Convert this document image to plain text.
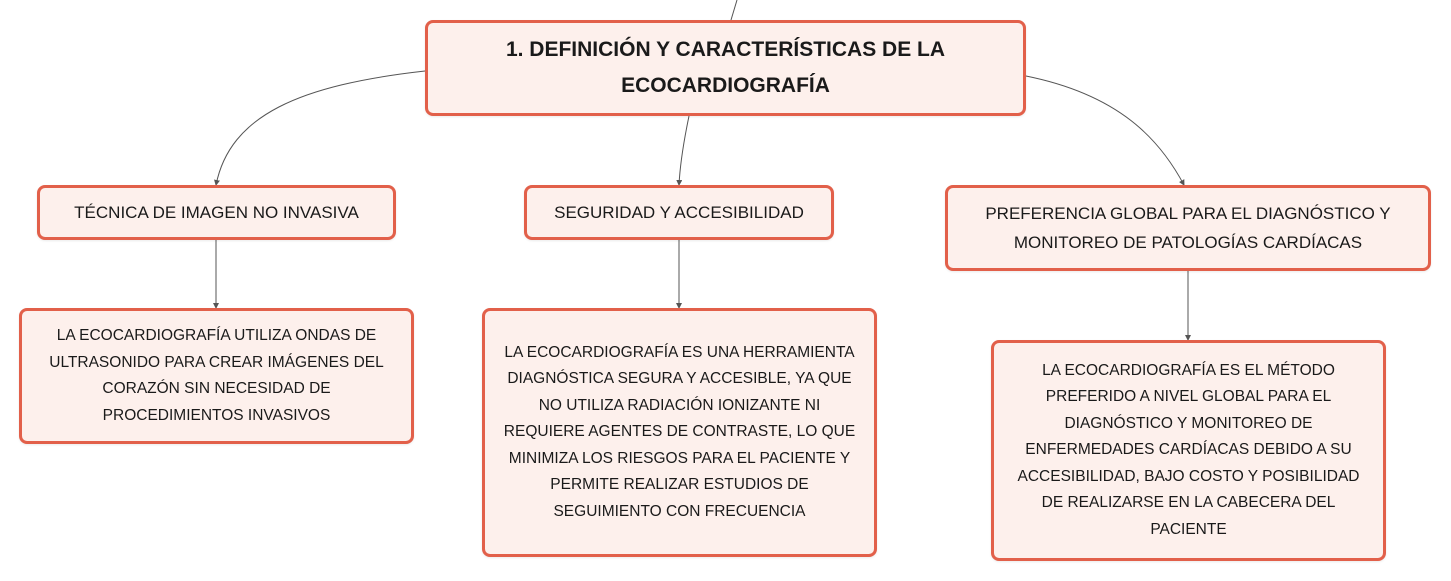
1. DEFINICIÓN Y CARACTERÍSTICAS DE LA ECOCARDIOGRAFÍA
TÉCNICA DE IMAGEN NO INVASIVA	SEGURIDAD Y ACCESIBILIDAD	PREFERENCIA GLOBAL PARA EL DIAGNÓSTICO Y MONITOREO DE PATOLOGÍAS CARDÍACAS
LA ECOCARDIOGRAFÍA UTILIZA ONDAS DE ULTRASONIDO PARA CREAR IMÁGENES DEL CORAZÓN SIN NECESIDAD DE PROCEDIMIENTOS INVASIVOS
LA ECOCARDIOGRAFÍA ES UNA HERRAMIENTA DIAGNÓSTICA SEGURA Y ACCESIBLE, YA QUE NO UTILIZA RADIACIÓN IONIZANTE NI REQUIERE AGENTES DE CONTRASTE, LO QUE MINIMIZA LOS RIESGOS PARA EL PACIENTE Y PERMITE REALIZAR ESTUDIOS DE SEGUIMIENTO CON FRECUENCIA
LA ECOCARDIOGRAFÍA ES EL MÉTODO PREFERIDO A NIVEL GLOBAL PARA EL DIAGNÓSTICO Y MONITOREO DE ENFERMEDADES CARDÍACAS DEBIDO A SU ACCESIBILIDAD, BAJO COSTO Y POSIBILIDAD DE REALIZARSE EN LA CABECERA DEL PACIENTE
